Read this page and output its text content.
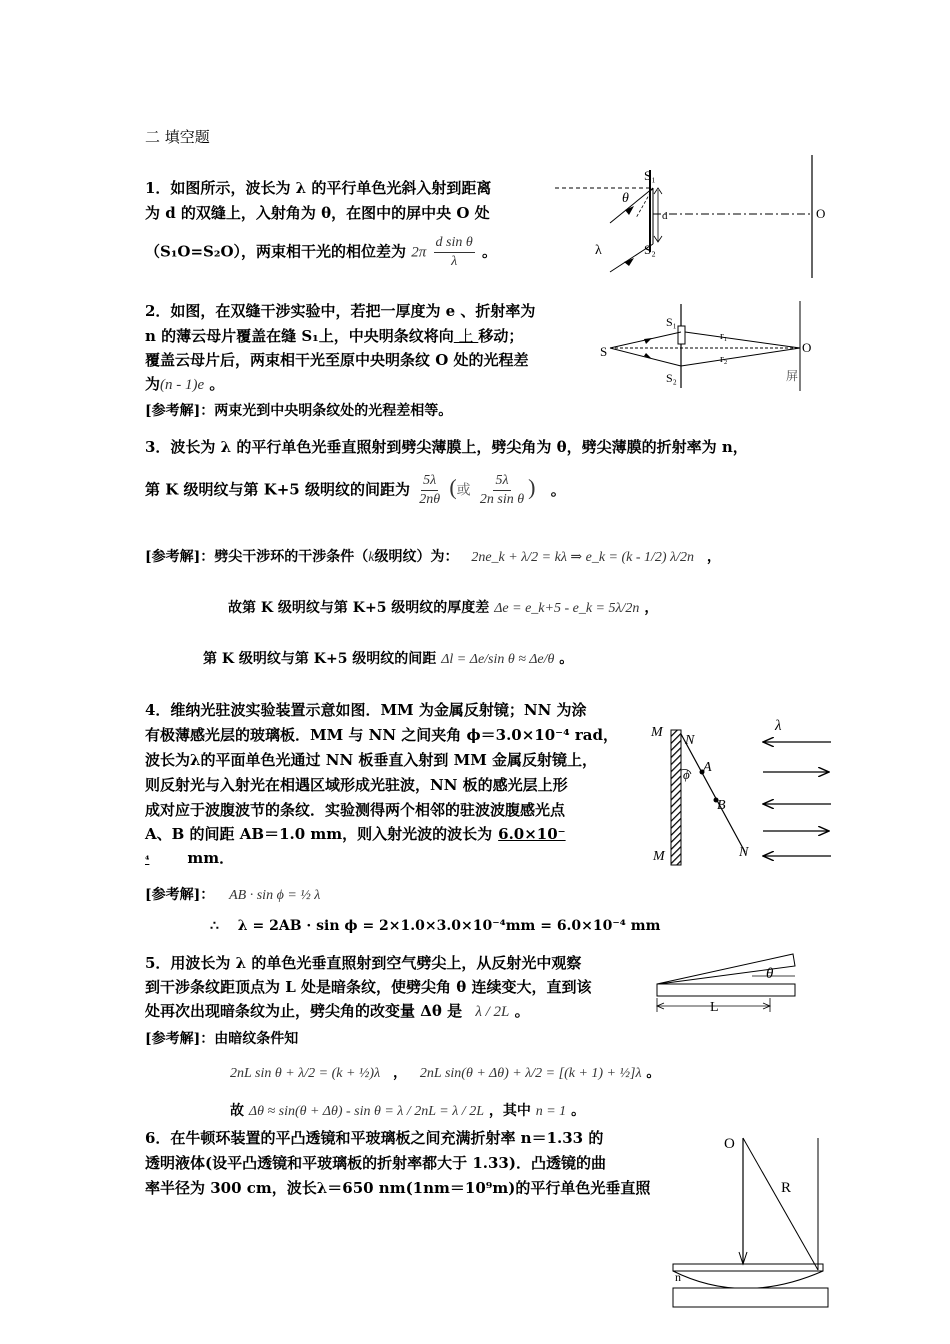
二 填空题
1．如图所示，波长为 λ 的平行单色光斜入射到距离
为 d 的双缝上，入射角为 θ，在图中的屏中央 O 处
（S₁O=S₂O），两束相干光的相位差为 $2\pi \frac{\text{d sin θ}}{\lambda}$ 。
S₁
S₂
θ
λ
d	O
2．如图，在双缝干涉实验中，若把一厚度为 e 、折射率为
n 的薄云母片覆盖在缝 S₁上，中央明条纹将向 上 移动；
覆盖云母片后，两束相干光至原中央明条纹 O 处的光程差
为(n - 1)e 。
[参考解]：两束光到中央明条纹处的光程差相等。
S
S₁
S₂
r₁
r₂
O
屏
3．波长为 λ 的平行单色光垂直照射到劈尖薄膜上，劈尖角为 θ，劈尖薄膜的折射率为 n，
第 K 级明纹与第 K+5 级明纹的间距为 $\frac{5\lambda}{2n\theta}$ (或 $\frac{5\lambda}{\text{2n sin θ}}$ ) 。
[参考解]：劈尖干涉环的干涉条件（k级明纹）为： 2ne_k + λ/2 = kλ ⇒ e_k = (k - 1/2) λ/2n ，
故第 K 级明纹与第 K+5 级明纹的厚度差 Δe = e_k+5 - e_k = 5λ/2n ，
第 K 级明纹与第 K+5 级明纹的间距 Δl = Δe/sin θ ≈ Δe/θ 。
4．维纳光驻波实验装置示意如图．MM 为金属反射镜；NN 为涂
有极薄感光层的玻璃板．MM 与 NN 之间夹角 ϕ＝3.0×10⁻⁴ rad，
波长为λ的平面单色光通过 NN 板垂直入射到 MM 金属反射镜上，
则反射光与入射光在相遇区域形成光驻波，NN 板的感光层上形
成对应于波腹波节的条纹．实验测得两个相邻的驻波波腹感光点
A、B 的间距 AB＝1.0 mm，则入射光波的波长为 6.0×10⁻
⁴	mm．
[参考解]： AB · sin ϕ = ½ λ
∴ λ = 2AB · sin ϕ = 2×1.0×3.0×10⁻⁴mm = 6.0×10⁻⁴ mm
M
M
N
N
A
B
ϕ
λ
5．用波长为 λ 的单色光垂直照射到空气劈尖上，从反射光中观察
到干涉条纹距顶点为 L 处是暗条纹，使劈尖角 θ 连续变大，直到该
处再次出现暗条纹为止，劈尖角的改变量 Δθ 是 λ / 2L 。
[参考解]：由暗纹条件知
2nL sin θ + λ/2 = (k + ½)λ ， 2nL sin(θ + Δθ) + λ/2 = [(k + 1) + ½]λ 。
故 Δθ ≈ sin(θ + Δθ) - sin θ = λ / 2nL = λ / 2L ，其中 n = 1 。
θ
L
6．在牛顿环装置的平凸透镜和平玻璃板之间充满折射率 n＝1.33 的
透明液体(设平凸透镜和平玻璃板的折射率都大于 1.33)．凸透镜的曲
率半径为 300 cm，波长λ＝650 nm(1nm＝10⁹m)的平行单色光垂直照
O
R
n
